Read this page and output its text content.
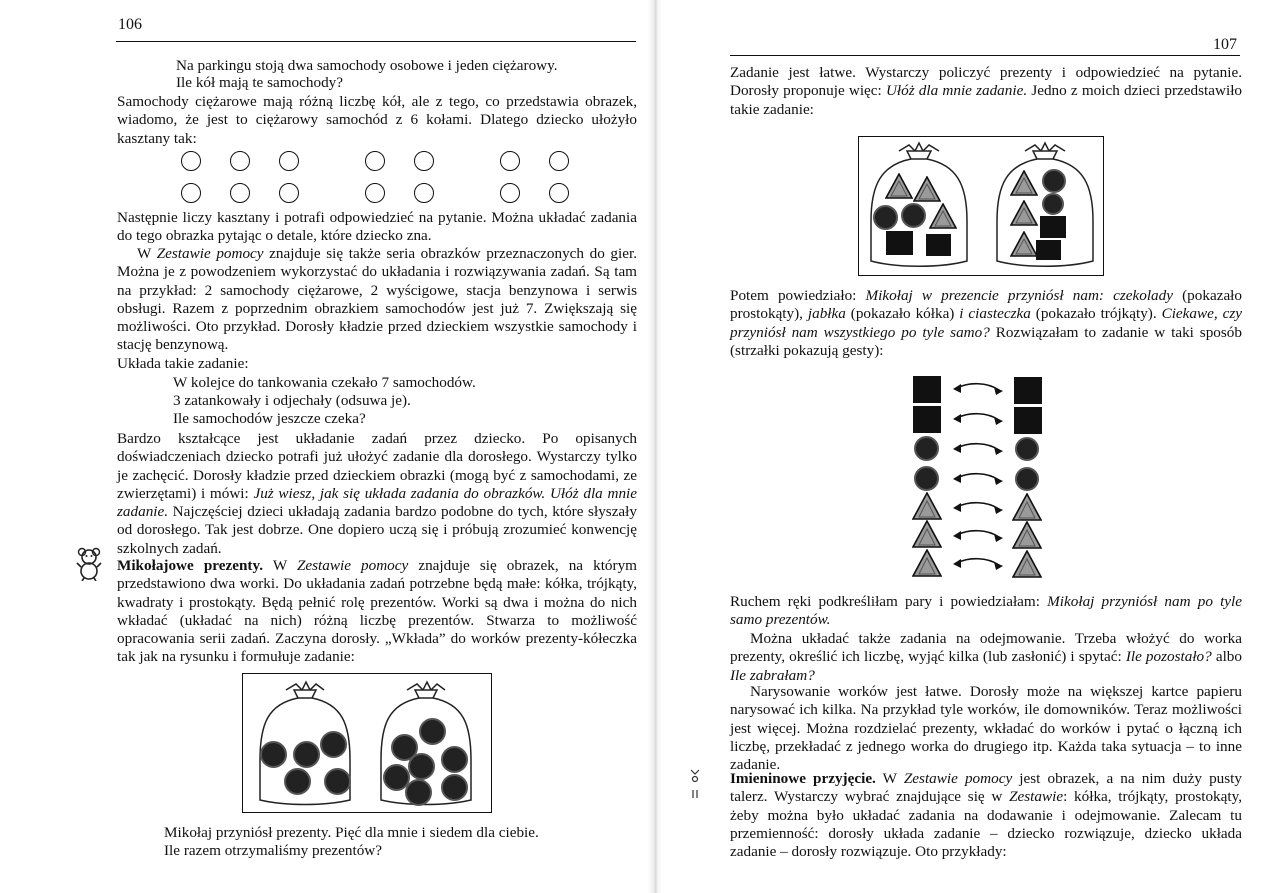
106

Na parkingu stoją dwa samochody osobowe i jeden ciężarowy.

Ile kół mają te samochody?

Samochody ciężarowe mają różną liczbę kół, ale z tego, co przedstawia obrazek, wiadomo, że jest to ciężarowy samochód z 6 kołami. Dlatego dziecko ułożyło kasztany tak:

Następnie liczy kasztany i potrafi odpowiedzieć na pytanie. Można układać zadania do tego obrazka pytając o detale, które dziecko zna.

W Zestawie pomocy znajduje się także seria obrazków przeznaczonych do gier. Można je z powodzeniem wykorzystać do układania i rozwiązywania zadań. Są tam na przykład: 2 samochody ciężarowe, 2 wyścigowe, stacja benzynowa i serwis obsługi. Razem z poprzednim obrazkiem samochodów jest już 7. Zwiększają się możliwości. Oto przykład. Dorosły kładzie przed dzieckiem wszystkie samochody i stację benzynową.

Układa takie zadanie:

W kolejce do tankowania czekało 7 samochodów.

3 zatankowały i odjechały (odsuwa je).

Ile samochodów jeszcze czeka?

Bardzo kształcące jest układanie zadań przez dziecko. Po opisanych doświadczeniach dziecko potrafi już ułożyć zadanie dla dorosłego. Wystarczy tylko je zachęcić. Dorosły kładzie przed dzieckiem obrazki (mogą być z samochodami, ze zwierzętami) i mówi: Już wiesz, jak się układa zadania do obrazków. Ułóż dla mnie zadanie. Najczęściej dzieci układają zadania bardzo podobne do tych, które słyszały od dorosłego. Tak jest dobrze. One dopiero uczą się i próbują zrozumieć konwencję szkolnych zadań.

Mikołajowe prezenty. W Zestawie pomocy znajduje się obrazek, na którym przedstawiono dwa worki. Do układania zadań potrzebne będą małe: kółka, trójkąty, kwadraty i prostokąty. Będą pełnić rolę prezentów. Worki są dwa i można do nich wkładać (układać na nich) różną liczbę prezentów. Stwarza to możliwość opracowania serii zadań. Zaczyna dorosły. „Wkłada” do worków prezenty-kółeczka tak jak na rysunku i formułuje zadanie:

Mikołaj przyniósł prezenty. Pięć dla mnie i siedem dla ciebie.

Ile razem otrzymaliśmy prezentów?

107

Zadanie jest łatwe. Wystarczy policzyć prezenty i odpowiedzieć na pytanie. Dorosły proponuje więc: Ułóż dla mnie zadanie. Jedno z moich dzieci przedstawiło takie zadanie:

Potem powiedziało: Mikołaj w prezencie przyniósł nam: czekolady (pokazało prostokąty), jabłka (pokazało kółka) i ciasteczka (pokazało trójkąty). Ciekawe, czy przyniósł nam wszystkiego po tyle samo? Rozwiązałam to zadanie w taki sposób (strzałki pokazują gesty):

Ruchem ręki podkreśliłam pary i powiedziałam: Mikołaj przyniósł nam po tyle samo prezentów.

Można układać także zadania na odejmowanie. Trzeba włożyć do worka prezenty, określić ich liczbę, wyjąć kilka (lub zasłonić) i spytać: Ile pozostało? albo Ile zabrałam?

Narysowanie worków jest łatwe. Dorosły może na większej kartce papieru narysować ich kilka. Na przykład tyle worków, ile domowników. Teraz możliwości jest więcej. Można rozdzielać prezenty, wkładać do worków i pytać o łączną ich liczbę, przekładać z jednego worka do drugiego itp. Każda taka sytuacja – to inne zadanie.

Imieninowe przyjęcie. W Zestawie pomocy jest obrazek, a na nim duży pusty talerz. Wystarczy wybrać znajdujące się w Zestawie: kółka, trójkąty, prostokąty, żeby można było układać zadania na dodawanie i odejmowanie. Zalecam tu przemienność: dorosły układa zadanie – dziecko rozwiązuje, dziecko układa zadanie – dorosły rozwiązuje. Oto przykłady:
